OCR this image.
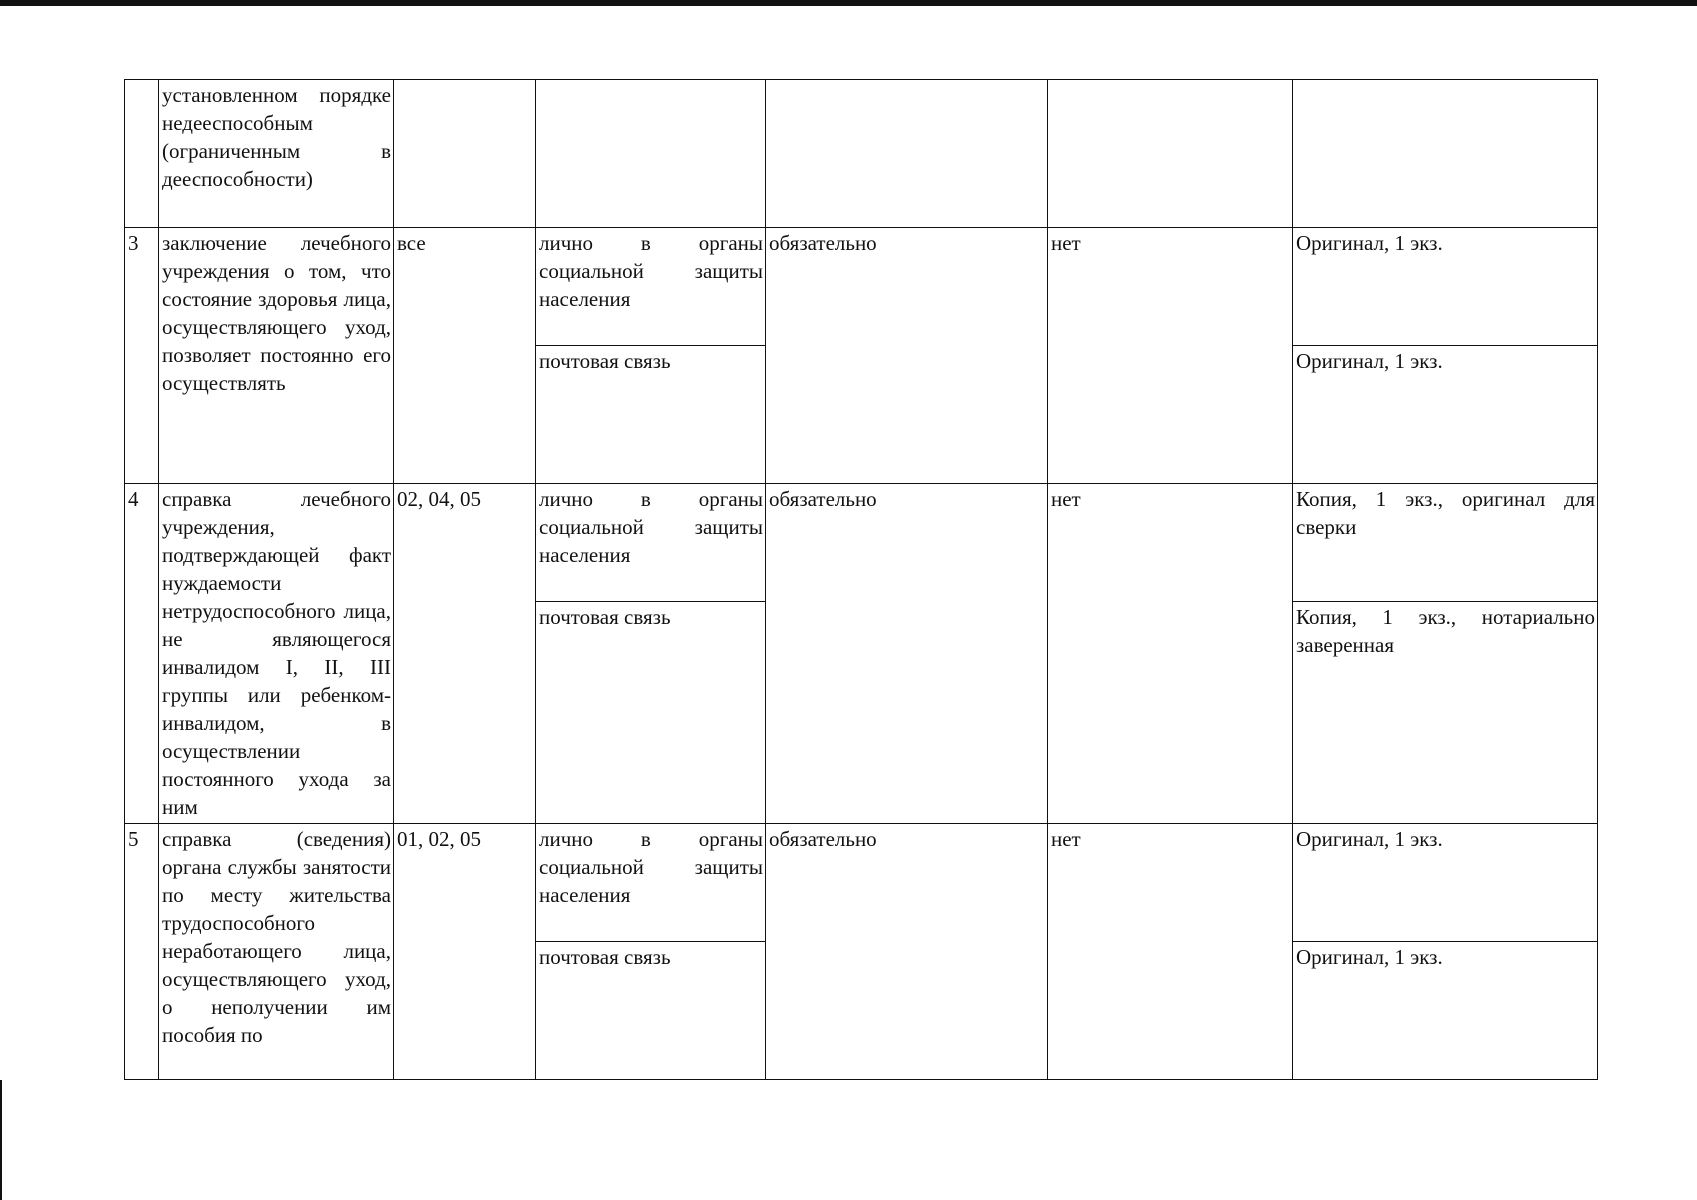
	установленном порядке недееспособным (ограниченным в дееспособности)					
3	заключение лечебного учреждения о том, что состояние здоровья лица, осуществляющего уход, позволяет постоянно его осуществлять	все	лично в органы социальной защиты населения	обязательно	нет	Оригинал, 1 экз.
			почтовая связь			Оригинал, 1 экз.
4	справка лечебного учреждения, подтверждающей факт нуждаемости нетрудоспособного лица, не являющегося инвалидом I, II, III группы или ребенком-инвалидом, в осуществлении постоянного ухода за ним	02, 04, 05	лично в органы социальной защиты населения	обязательно	нет	Копия, 1 экз., оригинал для сверки
			почтовая связь			Копия, 1 экз., нотариально заверенная
5	справка (сведения) органа службы занятости по месту жительства трудоспособного неработающего лица, осуществляющего уход, о неполучении им пособия по	01, 02, 05	лично в органы социальной защиты населения	обязательно	нет	Оригинал, 1 экз.
			почтовая связь			Оригинал, 1 экз.
